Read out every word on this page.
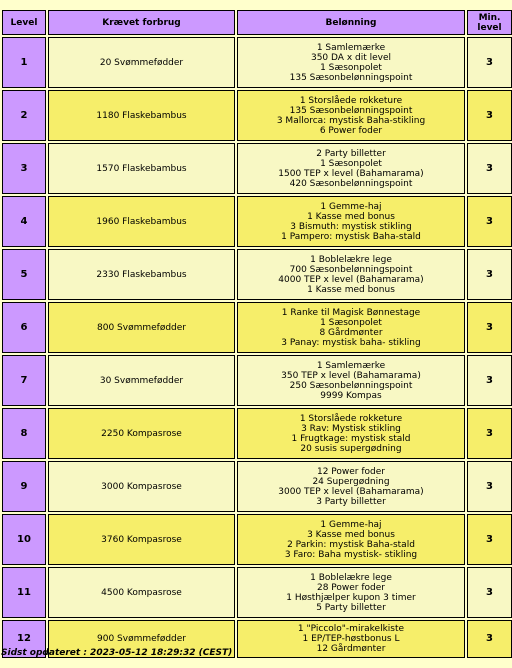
Level	Krævet forbrug	Belønning	Min. level
1	20 Svømmefødder	1 Samlemærke
350 DA x dit level
1 Sæsonpolet
135 Sæsonbelønningspoint	3
2	1180 Flaskebambus	1 Storslåede rokketure
135 Sæsonbelønningspoint
3 Mallorca: mystisk Baha-stikling
6 Power foder	3
3	1570 Flaskebambus	2 Party billetter
1 Sæsonpolet
1500 TEP x level (Bahamarama)
420 Sæsonbelønningspoint	3
4	1960 Flaskebambus	1 Gemme-haj
1 Kasse med bonus
3 Bismuth: mystisk stikling
1 Pampero: mystisk Baha-stald	3
5	2330 Flaskebambus	1 Boblelækre lege
700 Sæsonbelønningspoint
4000 TEP x level (Bahamarama)
1 Kasse med bonus	3
6	800 Svømmefødder	1 Ranke til Magisk Bønnestage
1 Sæsonpolet
8 Gårdmønter
3 Panay: mystisk baha- stikling	3
7	30 Svømmefødder	1 Samlemærke
350 TEP x level (Bahamarama)
250 Sæsonbelønningspoint
9999 Kompas	3
8	2250 Kompasrose	1 Storslåede rokketure
3 Rav: Mystisk stikling
1 Frugtkage: mystisk stald
20 susis supergødning	3
9	3000 Kompasrose	12 Power foder
24 Supergødning
3000 TEP x level (Bahamarama)
3 Party billetter	3
10	3760 Kompasrose	1 Gemme-haj
3 Kasse med bonus
2 Parkin: mystisk Baha-stald
3 Faro: Baha mystisk- stikling	3
11	4500 Kompasrose	1 Boblelækre lege
28 Power foder
1 Høsthjælper kupon 3 timer
5 Party billetter	3
12	900 Svømmefødder	1 "Piccolo"-mirakelkiste
1 EP/TEP-høstbonus L
12 Gårdmønter	3
Sidst opdateret : 2023-05-12 18:29:32 (CEST)
